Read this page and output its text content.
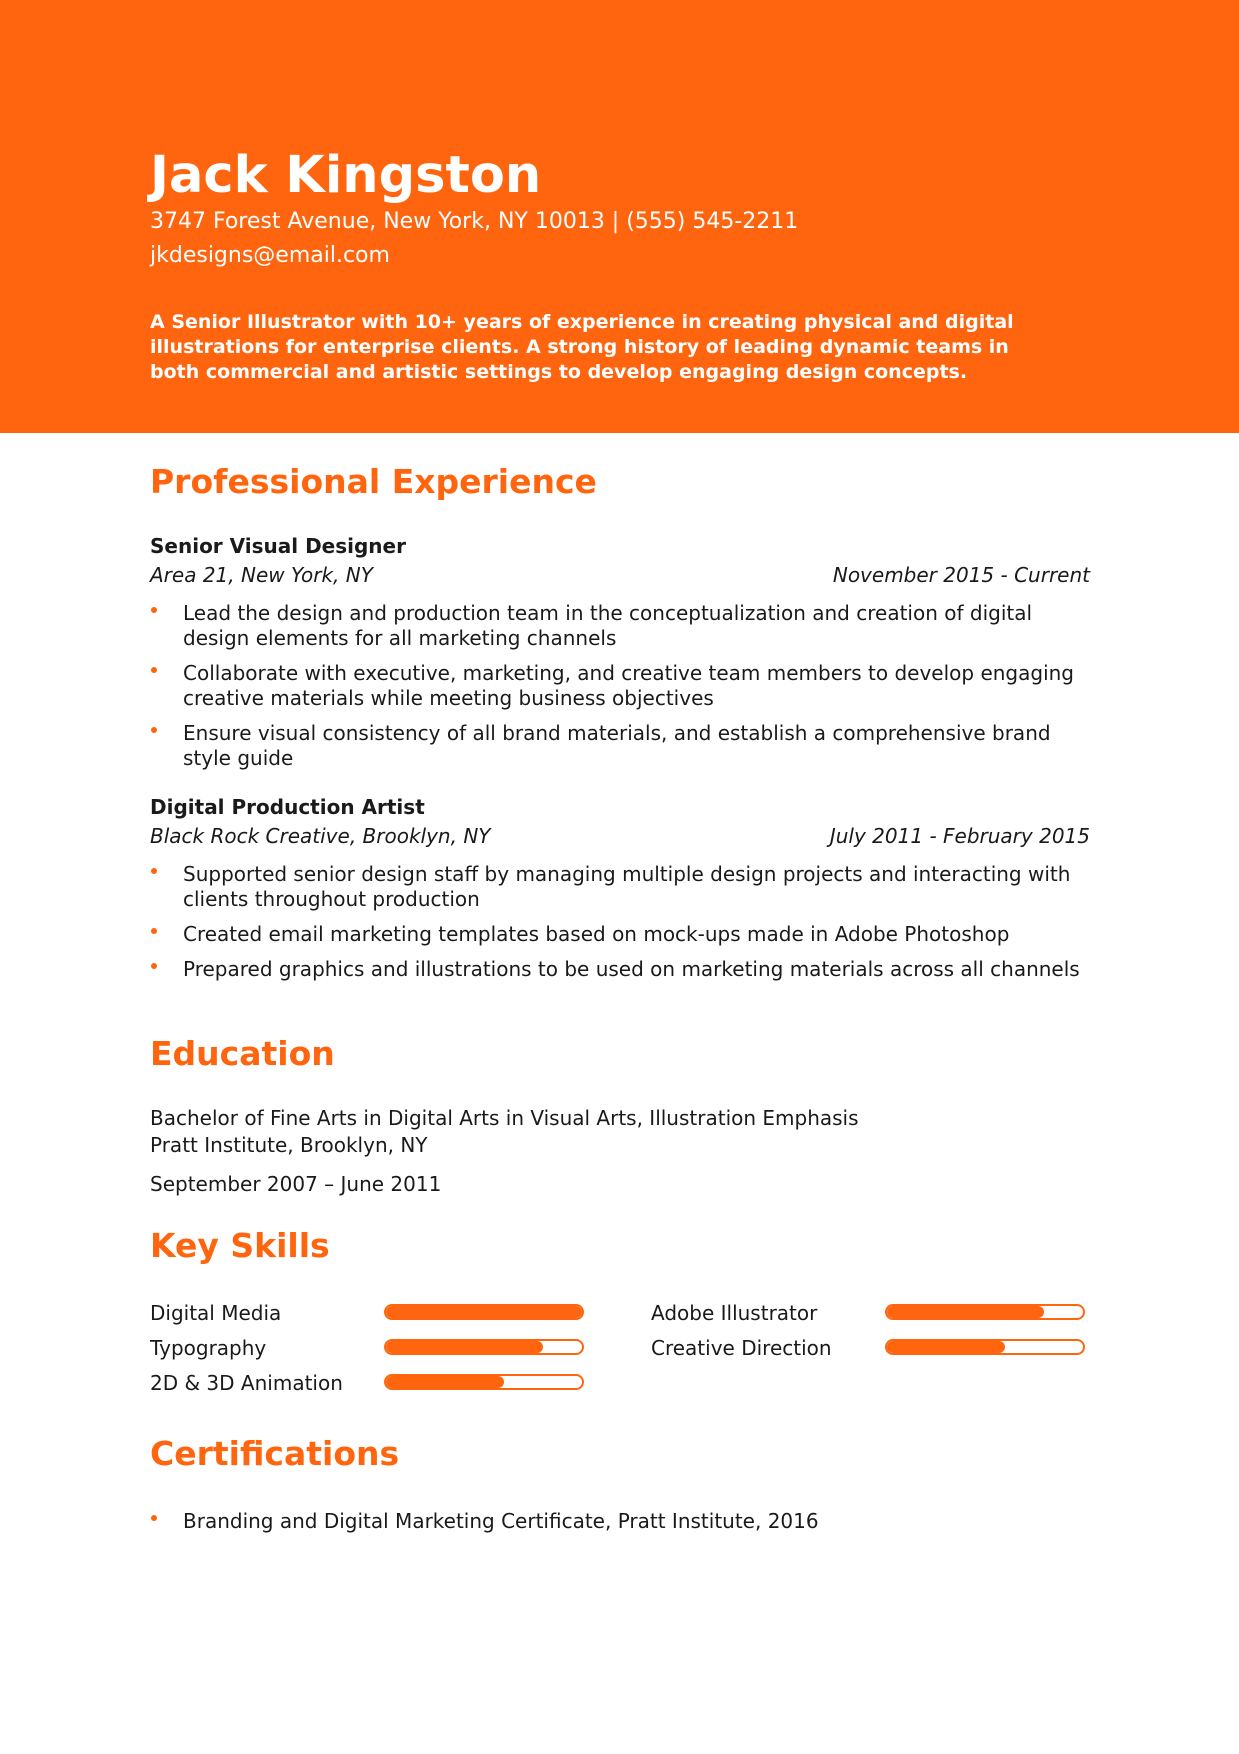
Jack Kingston
3747 Forest Avenue, New York, NY 10013 | (555) 545-2211
jkdesigns@email.com
A Senior Illustrator with 10+ years of experience in creating physical and digital illustrations for enterprise clients. A strong history of leading dynamic teams in both commercial and artistic settings to develop engaging design concepts.
Professional Experience
Senior Visual Designer
Area 21, New York, NY	November 2015 - Current
Lead the design and production team in the conceptualization and creation of digital design elements for all marketing channels
Collaborate with executive, marketing, and creative team members to develop engaging creative materials while meeting business objectives
Ensure visual consistency of all brand materials, and establish a comprehensive brand style guide
Digital Production Artist
Black Rock Creative, Brooklyn, NY	July 2011 - February 2015
Supported senior design staff by managing multiple design projects and interacting with clients throughout production
Created email marketing templates based on mock-ups made in Adobe Photoshop
Prepared graphics and illustrations to be used on marketing materials across all channels
Education
Bachelor of Fine Arts in Digital Arts in Visual Arts, Illustration Emphasis
Pratt Institute, Brooklyn, NY
September 2007 – June 2011
Key Skills
Digital Media
Typography
2D & 3D Animation
Adobe Illustrator
Creative Direction
Certifications
Branding and Digital Marketing Certificate, Pratt Institute, 2016
